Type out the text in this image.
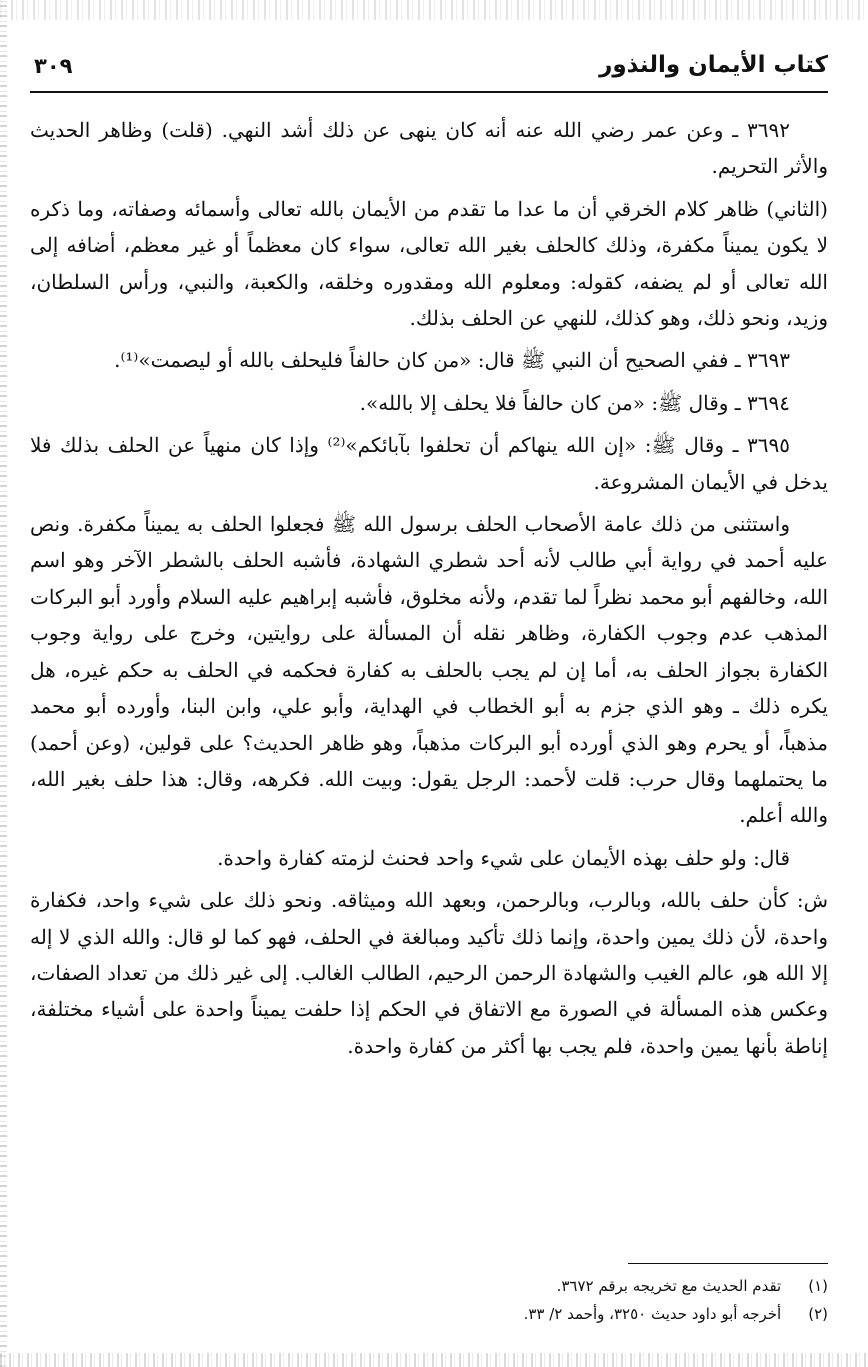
كتاب الأيمان والنذور
٣٠٩

٣٦٩٢ ـ وعن عمر رضي الله عنه أنه كان ينهى عن ذلك أشد النهي. (قلت) وظاهر الحديث والأثر التحريم.

(الثاني) ظاهر كلام الخرقي أن ما عدا ما تقدم من الأيمان بالله تعالى وأسمائه وصفاته، وما ذكره لا يكون يميناً مكفرة، وذلك كالحلف بغير الله تعالى، سواء كان معظماً أو غير معظم، أضافه إلى الله تعالى أو لم يضفه، كقوله: ومعلوم الله ومقدوره وخلقه، والكعبة، والنبي، ورأس السلطان، وزيد، ونحو ذلك، وهو كذلك، للنهي عن الحلف بذلك.

٣٦٩٣ ـ ففي الصحيح أن النبي ﷺ قال: «من كان حالفاً فليحلف بالله أو ليصمت»⁽¹⁾.

٣٦٩٤ ـ وقال ﷺ: «من كان حالفاً فلا يحلف إلا بالله».

٣٦٩٥ ـ وقال ﷺ: «إن الله ينهاكم أن تحلفوا بآبائكم»⁽²⁾ وإذا كان منهياً عن الحلف بذلك فلا يدخل في الأيمان المشروعة.

واستثنى من ذلك عامة الأصحاب الحلف برسول الله ﷺ فجعلوا الحلف به يميناً مكفرة. ونص عليه أحمد في رواية أبي طالب لأنه أحد شطري الشهادة، فأشبه الحلف بالشطر الآخر وهو اسم الله، وخالفهم أبو محمد نظراً لما تقدم، ولأنه مخلوق، فأشبه إبراهيم عليه السلام وأورد أبو البركات المذهب عدم وجوب الكفارة، وظاهر نقله أن المسألة على روايتين، وخرج على رواية وجوب الكفارة بجواز الحلف به، أما إن لم يجب بالحلف به كفارة فحكمه في الحلف به حكم غيره، هل يكره ذلك ـ وهو الذي جزم به أبو الخطاب في الهداية، وأبو علي، وابن البنا، وأورده أبو محمد مذهباً، أو يحرم وهو الذي أورده أبو البركات مذهباً، وهو ظاهر الحديث؟ على قولين، (وعن أحمد) ما يحتملهما وقال حرب: قلت لأحمد: الرجل يقول: وبيت الله. فكرهه، وقال: هذا حلف بغير الله، والله أعلم.

قال: ولو حلف بهذه الأيمان على شيء واحد فحنث لزمته كفارة واحدة.

ش: كأن حلف بالله، وبالرب، وبالرحمن، وبعهد الله وميثاقه. ونحو ذلك على شيء واحد، فكفارة واحدة، لأن ذلك يمين واحدة، وإنما ذلك تأكيد ومبالغة في الحلف، فهو كما لو قال: والله الذي لا إله إلا الله هو، عالم الغيب والشهادة الرحمن الرحيم، الطالب الغالب. إلى غير ذلك من تعداد الصفات، وعكس هذه المسألة في الصورة مع الاتفاق في الحكم إذا حلفت يميناً واحدة على أشياء مختلفة، إناطة بأنها يمين واحدة، فلم يجب بها أكثر من كفارة واحدة.

(١) تقدم الحديث مع تخريجه برقم ٣٦٧٢.
(٢) أخرجه أبو داود حديث ٣٢٥٠، وأحمد ٢/ ٣٣.
